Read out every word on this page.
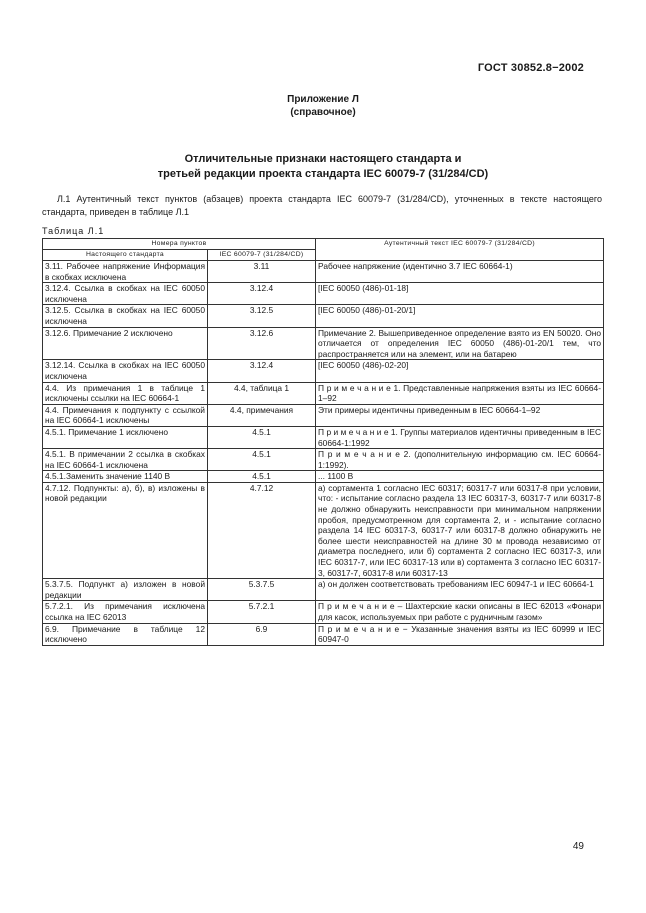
ГОСТ 30852.8−2002
Приложение Л
(справочное)
Отличительные признаки настоящего стандарта и
третьей редакции проекта стандарта IEC 60079-7 (31/284/CD)
Л.1 Аутентичный текст пунктов (абзацев) проекта стандарта IEC 60079-7 (31/284/CD), уточненных в тексте настоящего стандарта, приведен в таблице Л.1
Таблица Л.1
Номера пунктов		Аутентичный текст IEC 60079-7 (31/284/CD)
Настоящего стандарта	IEC 60079-7 (31/284/CD)	
3.11. Рабочее напряжение Информация в скобках исключена	3.11	Рабочее напряжение (идентично 3.7 IEC 60664-1)
3.12.4. Ссылка в скобках на IEC 60050 исключена	3.12.4	[IEC 60050 (486)-01-18]
3.12.5. Ссылка в скобках на IEC 60050 исключена	3.12.5	[IEC 60050 (486)-01-20/1]
3.12.6. Примечание 2 исключено	3.12.6	Примечание 2. Вышеприведенное определение взято из EN 50020. Оно отличается от определения IEC 60050 (486)-01-20/1 тем, что распространяется или на элемент, или на батарею
3.12.14. Ссылка в скобках на IEC 60050 исключена	3.12.4	[IEC 60050 (486)-02-20]
4.4. Из примечания 1 в таблице 1 исключены ссылки на IEC 60664-1	4.4, таблица 1	П р и м е ч а н и е 1. Представленные напряжения взяты из IEC 60664-1–92
4.4. Примечания к подпункту с ссылкой на IEC 60664-1 исключены	4.4, примечания	Эти примеры идентичны приведенным в IEC 60664-1–92
4.5.1. Примечание 1 исключено	4.5.1	П р и м е ч а н и е 1. Группы материалов идентичны приведенным в IEC 60664-1:1992
4.5.1. В примечании 2 ссылка в скобках на IEC 60664-1 исключена	4.5.1	П р и м е ч а н и е 2. (дополнительную информацию см. IEC 60664-1:1992).
4.5.1.Заменить значение 1140 В	4.5.1	... 1100 В
4.7.12. Подпункты: а), б), в) изложены в новой редакции	4.7.12	а) сортамента 1 согласно IEC 60317; 60317-7 или 60317-8 при условии, что: - испытание согласно раздела 13 IEC 60317-3, 60317-7 или 60317-8 не должно обнаружить неисправности при минимальном напряжении пробоя, предусмотренном для сортамента 2, и - испытание согласно раздела 14 IEC 60317-3, 60317-7 или 60317-8 должно обнаружить не более шести неисправностей на длине 30 м провода независимо от диаметра последнего, или б) сортамента 2 согласно IEC 60317-3, или IEC 60317-7, или IEC 60317-13 или в) сортамента 3 согласно IEC 60317-3, 60317-7, 60317-8 или 60317-13
5.3.7.5. Подпункт а) изложен в новой редакции	5.3.7.5	а) он должен соответствовать требованиям IEC 60947-1 и IEC 60664-1
5.7.2.1. Из примечания исключена ссылка на IEC 62013	5.7.2.1	П р и м е ч а н и е – Шахтерские каски описаны в IEC 62013 «Фонари для касок, используемых при работе с рудничным газом»
6.9. Примечание в таблице 12 исключено	6.9	П р и м е ч а н и е − Указанные значения взяты из IEC 60999 и IEC 60947-0
49
